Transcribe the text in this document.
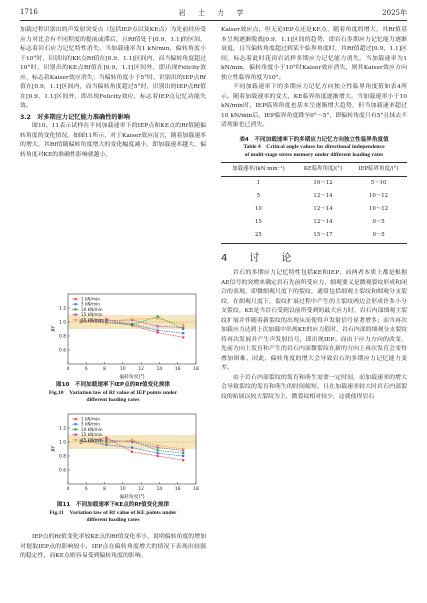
1716	岩 土 力 学	2025年

加载过程识别出的声发射突变点（包括IEP点以及KE点）为先前经历受应力对比会有不同程度的提前或滞后，且Rf值处于[0.9，1.1]的区间，标志着岩石应力记忆特性消失。当加载速率为1 kN/min，偏转角度小于10°时，识别出的KE点Rf值在[0.9，1.1]区间内，而当偏转角度超过10°时，识别出的KE点Rf值在[0.9，1.1]区间外，即出现Felicity效应，标志着Kaiser效应消失；当偏转角度小于5°时，识别出的IEP点Rf值在[0.9，1.1]区间内，而当偏转角度超过5°时，识别出的IEP点Rf值在[0.9，1.1]区间外，即出现Felicity效应，标志着IEP点记忆功能失效。

3.2　对多期应力记忆能力准确性的影响

图10、11表示试样在不同加载速率下的IEP点和KE点的Rf值随偏转角度的变化情况。如图11所示，对于Kaiser效应而言，随着加载速率的增大，其Rf值随偏转角度增大的变化幅度减小，即加载速率越大，偏转角度对KE的准确性影响就越小。

0.6
0.8
1.0
1.2
4	6	8	10	12	14	16	18
偏转角度(°)
Rf
1 kN/min
5 kN/min
10 kN/min
15 kN/min
25 kN/min
图10　不同加载速率下IEP点的Rf值变化规律
Fig.10　Variation law of Rf value of IEP points under
different loading rates
0.6
0.8
1.0
1.2
4	6	8	10	12	14	16	18
偏转角度(°)
Rf
1 kN/min
5 kN/min
10 kN/min
15 kN/min
25 kN/min
图11　不同加载速率下KE点的Rf值变化规律
Fig.11　Variation law of Rf value of KE points under
different loading rates

IEP点的Rf值变化率较KE点的Rf值变化率小，说明偏转角度的增加对提取IEP点的影响较小，IEP点在偏转角度增大的情况下表现出较强的稳定性，而KE点则容易受到偏转角度的影响。

Kaiser效应点，但无论IEP点还是KE点，随着角度的增大，其Rf值基本呈现逐渐脱离[0.9，1.1]区间的趋势，即岩石多期应力记忆能力逐渐衰退，且当偏转角度超过到某个临界角度时，其Rf值超过[0.9，1.1]区间，标志着此时花岗岩试样多期应力记忆能力消失。当加载速率为1 kN/min，偏转角度小于10°时Kaiser效应消失，则其Kaiser效应方向独立性临界角度为10°。

不同加载速率下的多期应力记忆方向独立性临界角度值如表4所示。随着加载速率的变大，KE临界角度逐渐增大。当加载速率小于10 kN/min时，IEP临界角度也基本呈逐渐增大趋势，但当加载速率超过10 kN/min后，IEP临界角度降至0°～5°，即偏转角度只有5°且抹去不清现象也已消失。

表4　不同加载速率下的多期应力记忆方向独立性临界角度值
Table 4　Critical angle values for directional independence
of multi-stage stress memory under different loading rates
加载速率/(kN·min⁻¹)	KE临界角度/(°)	IEP临界角度/(°)
1	10～12	5～10
5	12～14	10～12
10	12～14	10～12
15	12～14	0～5
25	15～17	0～5
4　讨　论

岩石的多期应力记忆特性包括KE和IEP，而两者本质上都是根据AE信号的突增来确定岩石先前所受应力，细观要义是微观裂纹形成和闭合的表现，即微细观尺度下的裂纹，通常包括细观主裂纹和细观分支裂纹，在细观尺度下，裂纹扩展过程中产生的主裂纹两边会形成许多小分支裂纹。KE是当岩石受到以前所受到的最大应力时，岩石内部细观主裂纹扩展并伴随着新裂纹的出现从而使得声发射信号显著增多；而当再次加载应力达到上次加载中出现KE的应力值时，岩石内部的细观分支裂纹将再次发展并产生声发射信号，即出现IEP。而由于应力方向的改变，先前方向上发育和产生的岩石内部微裂纹在新的方向上再次发育会变得叠加困难。因此，偏转角度的增大会导致岩石的多期应力记忆能力变差。

由于岩石内部裂纹的发育和萌生需要一定时间，而加载速率的增大会导致裂纹的发育和萌生的时间缩短，且在加载速率较大时岩石内部裂纹的拓展以较大裂纹为主，微裂纹相对较少，这就使得岩石
